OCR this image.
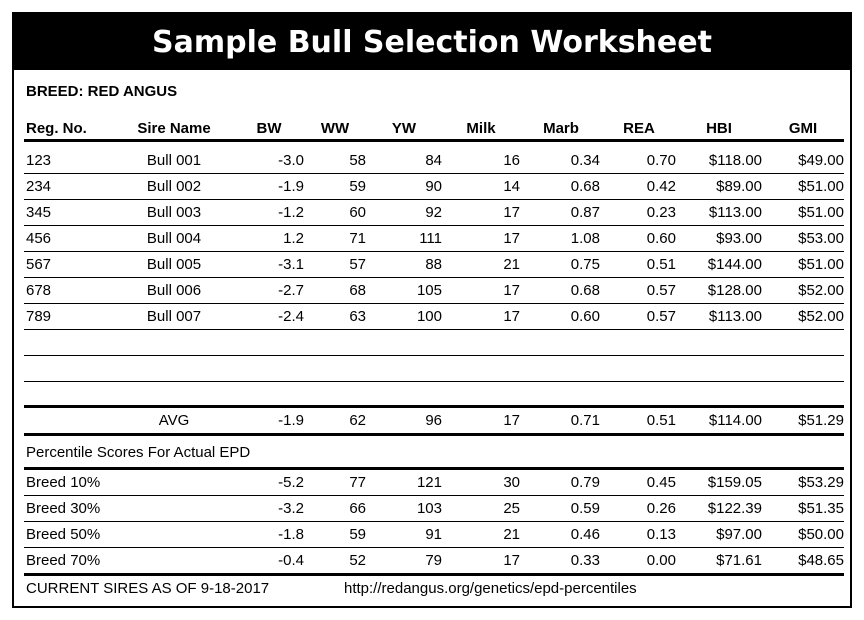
Sample Bull Selection Worksheet
BREED: RED ANGUS
Reg. No.	Sire Name	BW	WW	YW	Milk	Marb	REA	HBI	GMI
123	Bull 001	-3.0	58	84	16	0.34	0.70	$118.00	$49.00
234	Bull 002	-1.9	59	90	14	0.68	0.42	$89.00	$51.00
345	Bull 003	-1.2	60	92	17	0.87	0.23	$113.00	$51.00
456	Bull 004	1.2	71	111	17	1.08	0.60	$93.00	$53.00
567	Bull 005	-3.1	57	88	21	0.75	0.51	$144.00	$51.00
678	Bull 006	-2.7	68	105	17	0.68	0.57	$128.00	$52.00
789	Bull 007	-2.4	63	100	17	0.60	0.57	$113.00	$52.00
AVG	-1.9	62	96	17	0.71	0.51	$114.00	$51.29
Percentile Scores For Actual EPD
Breed 10%	-5.2	77	121	30	0.79	0.45	$159.05	$53.29
Breed 30%	-3.2	66	103	25	0.59	0.26	$122.39	$51.35
Breed 50%	-1.8	59	91	21	0.46	0.13	$97.00	$50.00
Breed 70%	-0.4	52	79	17	0.33	0.00	$71.61	$48.65
CURRENT SIRES AS OF 9-18-2017	http://redangus.org/genetics/epd-percentiles
